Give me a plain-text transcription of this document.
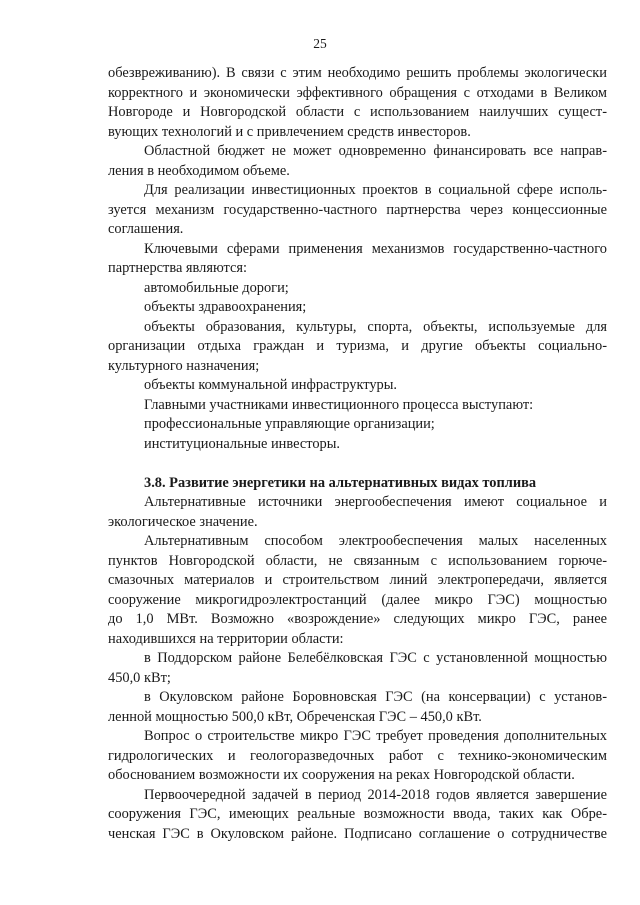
25
обезвреживанию). В связи с этим необходимо решить проблемы экологически
корректного и экономически эффективного обращения с отходами в Великом
Новгороде и Новгородской области с использованием наилучших сущест-
вующих технологий и с привлечением средств инвесторов.
Областной бюджет не может одновременно финансировать все направ-
ления в необходимом объеме.
Для реализации инвестиционных проектов в социальной сфере исполь-
зуется механизм государственно-частного партнерства через концессионные
соглашения.
Ключевыми сферами применения механизмов государственно-частного
партнерства являются:
автомобильные дороги;
объекты здравоохранения;
объекты образования, культуры, спорта, объекты, используемые для
организации отдыха граждан и туризма, и другие объекты социально-
культурного назначения;
объекты коммунальной инфраструктуры.
Главными участниками инвестиционного процесса выступают:
профессиональные управляющие организации;
институциональные инвесторы.
3.8. Развитие энергетики на альтернативных видах топлива
Альтернативные источники энергообеспечения имеют социальное и
экологическое значение.
Альтернативным способом электрообеспечения малых населенных
пунктов Новгородской области, не связанным с использованием горюче-
смазочных материалов и строительством линий электропередачи, является
сооружение микрогидроэлектростанций (далее микро ГЭС) мощностью
до 1,0 МВт. Возможно «возрождение» следующих микро ГЭС, ранее
находившихся на территории области:
в Поддорском районе Белебёлковская ГЭС с установленной мощностью
450,0 кВт;
в Окуловском районе Боровновская ГЭС (на консервации) с установ-
ленной мощностью 500,0 кВт, Обреченская ГЭС – 450,0 кВт.
Вопрос о строительстве микро ГЭС требует проведения дополнительных
гидрологических и геологоразведочных работ с технико-экономическим
обоснованием возможности их сооружения на реках Новгородской области.
Первоочередной задачей в период 2014-2018 годов является завершение
сооружения ГЭС, имеющих реальные возможности ввода, таких как Обре-
ченская ГЭС в Окуловском районе. Подписано соглашение о сотрудничестве
